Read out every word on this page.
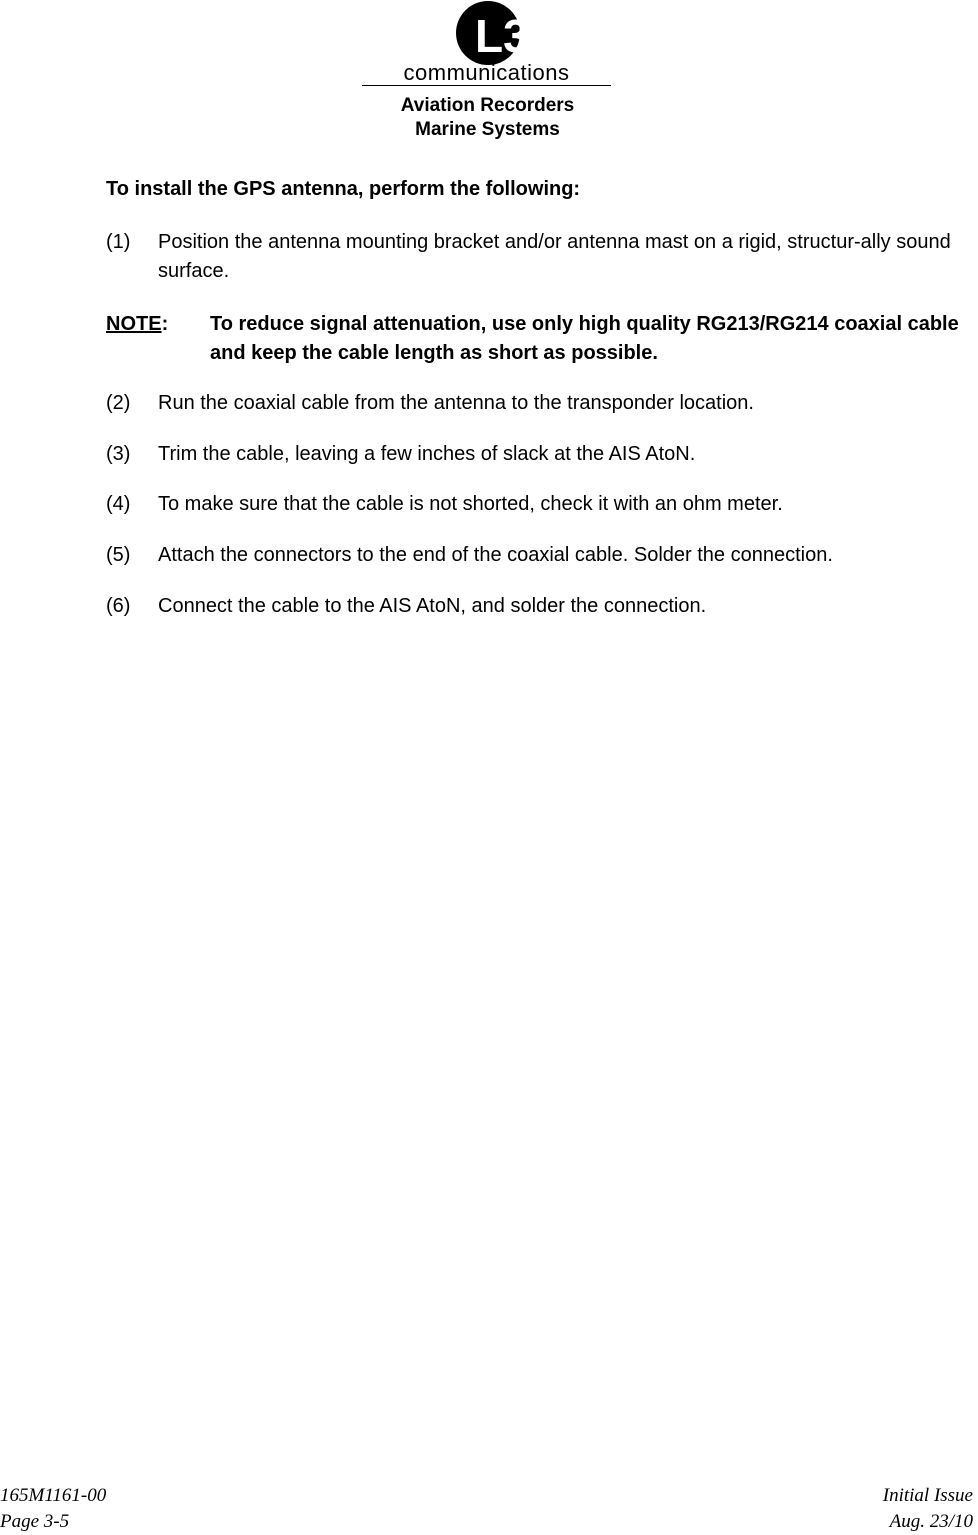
L3
communications
Aviation Recorders
Marine Systems
To install the GPS antenna, perform the following:
(1) Position the antenna mounting bracket and/or antenna mast on a rigid, structur-ally sound surface.
NOTE: To reduce signal attenuation, use only high quality RG213/RG214 coaxial cable and keep the cable length as short as possible.
(2) Run the coaxial cable from the antenna to the transponder location.
(3) Trim the cable, leaving a few inches of slack at the AIS AtoN.
(4) To make sure that the cable is not shorted, check it with an ohm meter.
(5) Attach the connectors to the end of the coaxial cable. Solder the connection.
(6) Connect the cable to the AIS AtoN, and solder the connection.
165M1161-00
Page 3-5
Initial Issue
Aug. 23/10
